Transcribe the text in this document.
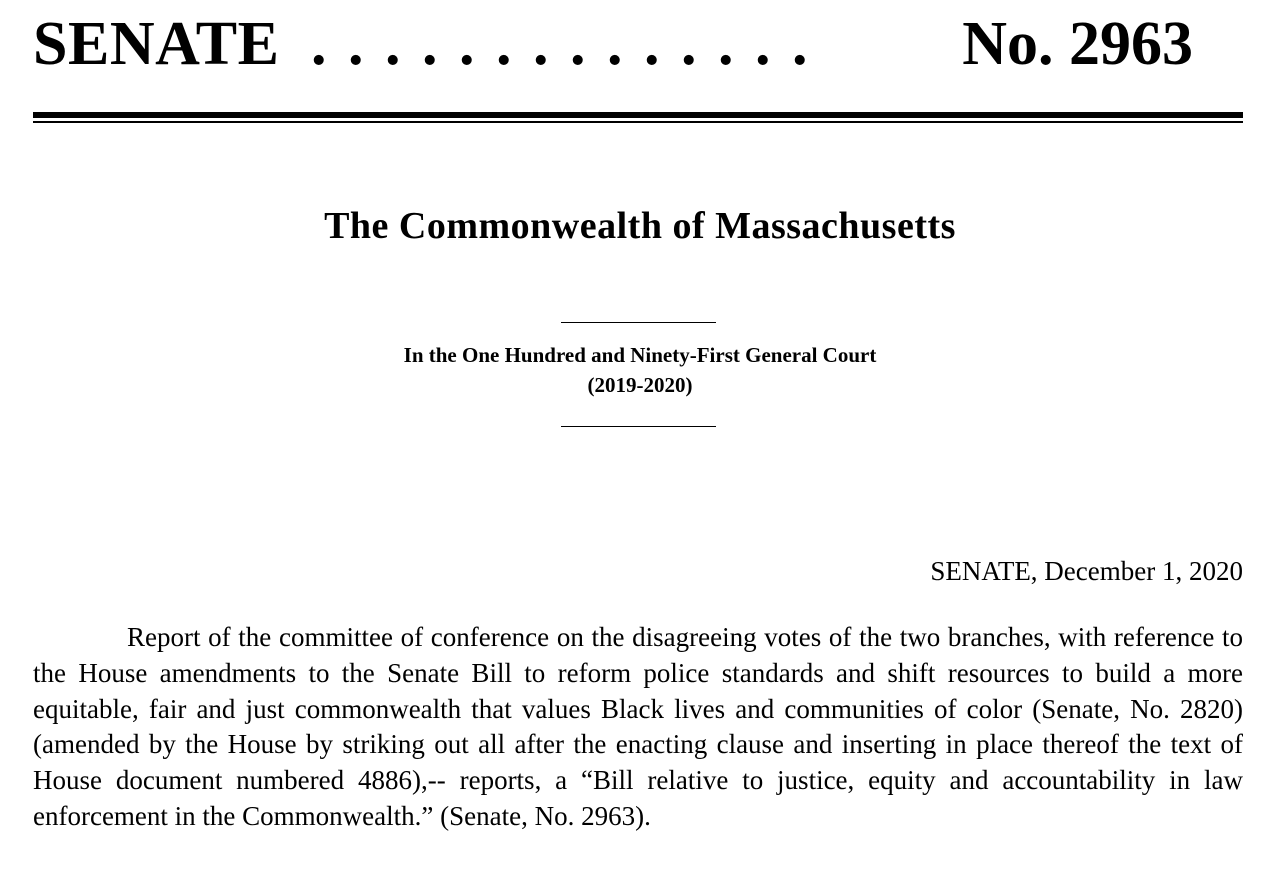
SENATE . . . . . . . . . . . . . . No. 2963
The Commonwealth of Massachusetts
In the One Hundred and Ninety-First General Court
(2019-2020)
SENATE, December 1, 2020

Report of the committee of conference on the disagreeing votes of the two branches, with reference to the House amendments to the Senate Bill to reform police standards and shift resources to build a more equitable, fair and just commonwealth that values Black lives and communities of color (Senate, No. 2820) (amended by the House by striking out all after the enacting clause and inserting in place thereof the text of House document numbered 4886),-- reports, a “Bill relative to justice, equity and accountability in law enforcement in the Commonwealth.” (Senate, No. 2963).
